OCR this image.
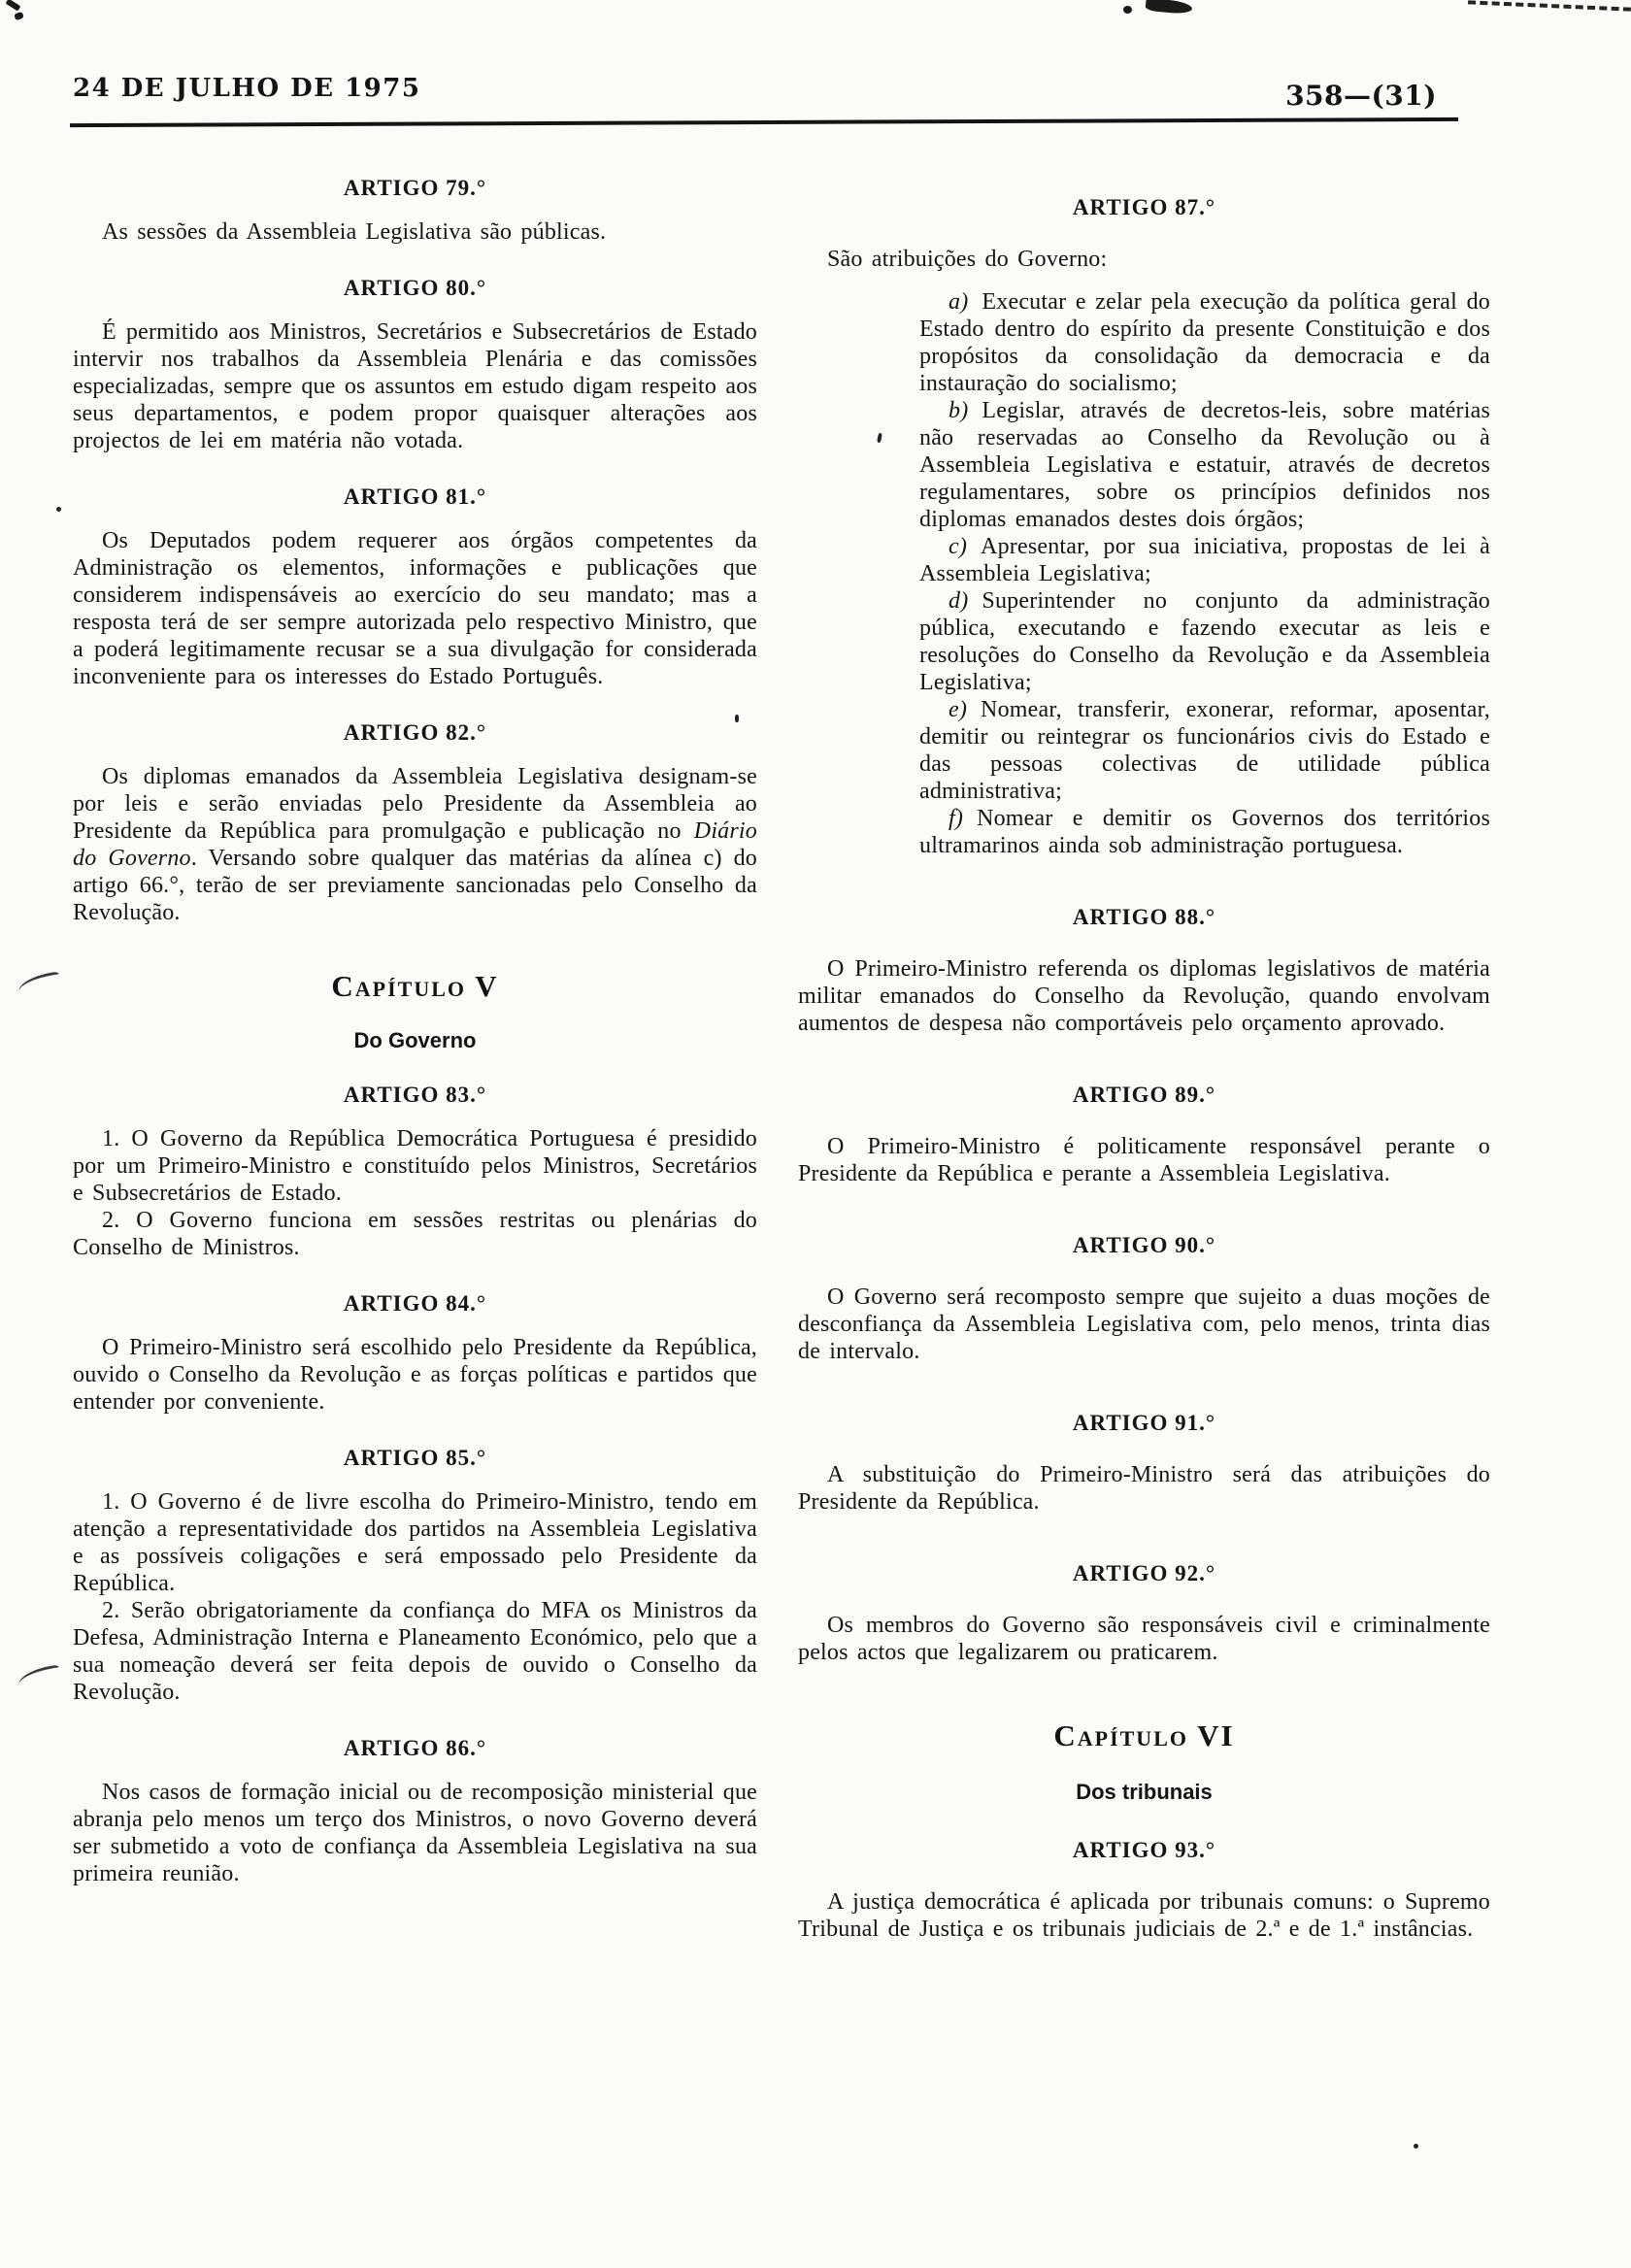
24 DE JULHO DE 1975	358—(31)
ARTIGO 79.°

As sessões da Assembleia Legislativa são públicas.

ARTIGO 80.°

É permitido aos Ministros, Secretários e Subsecretários de Estado intervir nos trabalhos da Assembleia Plenária e das comissões especializadas, sempre que os assuntos em estudo digam respeito aos seus departamentos, e podem propor quaisquer alterações aos projectos de lei em matéria não votada.

ARTIGO 81.°

Os Deputados podem requerer aos órgãos competentes da Administração os elementos, informações e publicações que considerem indispensáveis ao exercício do seu mandato; mas a resposta terá de ser sempre autorizada pelo respectivo Ministro, que a poderá legitimamente recusar se a sua divulgação for considerada inconveniente para os interesses do Estado Português.

ARTIGO 82.°

Os diplomas emanados da Assembleia Legislativa designam-se por leis e serão enviadas pelo Presidente da Assembleia ao Presidente da República para promulgação e publicação no Diário do Governo. Versando sobre qualquer das matérias da alínea c) do artigo 66.°, terão de ser previamente sancionadas pelo Conselho da Revolução.

Capítulo V
Do Governo
ARTIGO 83.°

1. O Governo da República Democrática Portuguesa é presidido por um Primeiro-Ministro e constituído pelos Ministros, Secretários e Subsecretários de Estado.

2. O Governo funciona em sessões restritas ou plenárias do Conselho de Ministros.

ARTIGO 84.°

O Primeiro-Ministro será escolhido pelo Presidente da República, ouvido o Conselho da Revolução e as forças políticas e partidos que entender por conveniente.

ARTIGO 85.°

1. O Governo é de livre escolha do Primeiro-Ministro, tendo em atenção a representatividade dos partidos na Assembleia Legislativa e as possíveis coligações e será empossado pelo Presidente da República.

2. Serão obrigatoriamente da confiança do MFA os Ministros da Defesa, Administração Interna e Planeamento Económico, pelo que a sua nomeação deverá ser feita depois de ouvido o Conselho da Revolução.

ARTIGO 86.°

Nos casos de formação inicial ou de recomposição ministerial que abranja pelo menos um terço dos Ministros, o novo Governo deverá ser submetido a voto de confiança da Assembleia Legislativa na sua primeira reunião.

ARTIGO 87.°

São atribuições do Governo:

a) Executar e zelar pela execução da política geral do Estado dentro do espírito da presente Constituição e dos propósitos da consolidação da democracia e da instauração do socialismo;

b) Legislar, através de decretos-leis, sobre matérias não reservadas ao Conselho da Revolução ou à Assembleia Legislativa e estatuir, através de decretos regulamentares, sobre os princípios definidos nos diplomas emanados destes dois órgãos;

c) Apresentar, por sua iniciativa, propostas de lei à Assembleia Legislativa;

d) Superintender no conjunto da administração pública, executando e fazendo executar as leis e resoluções do Conselho da Revolução e da Assembleia Legislativa;

e) Nomear, transferir, exonerar, reformar, aposentar, demitir ou reintegrar os funcionários civis do Estado e das pessoas colectivas de utilidade pública administrativa;

f) Nomear e demitir os Governos dos territórios ultramarinos ainda sob administração portuguesa.

ARTIGO 88.°

O Primeiro-Ministro referenda os diplomas legislativos de matéria militar emanados do Conselho da Revolução, quando envolvam aumentos de despesa não comportáveis pelo orçamento aprovado.

ARTIGO 89.°

O Primeiro-Ministro é politicamente responsável perante o Presidente da República e perante a Assembleia Legislativa.

ARTIGO 90.°

O Governo será recomposto sempre que sujeito a duas moções de desconfiança da Assembleia Legislativa com, pelo menos, trinta dias de intervalo.

ARTIGO 91.°

A substituição do Primeiro-Ministro será das atribuições do Presidente da República.

ARTIGO 92.°

Os membros do Governo são responsáveis civil e criminalmente pelos actos que legalizarem ou praticarem.

Capítulo VI
Dos tribunais
ARTIGO 93.°

A justiça democrática é aplicada por tribunais comuns: o Supremo Tribunal de Justiça e os tribunais judiciais de 2.ª e de 1.ª instâncias.
